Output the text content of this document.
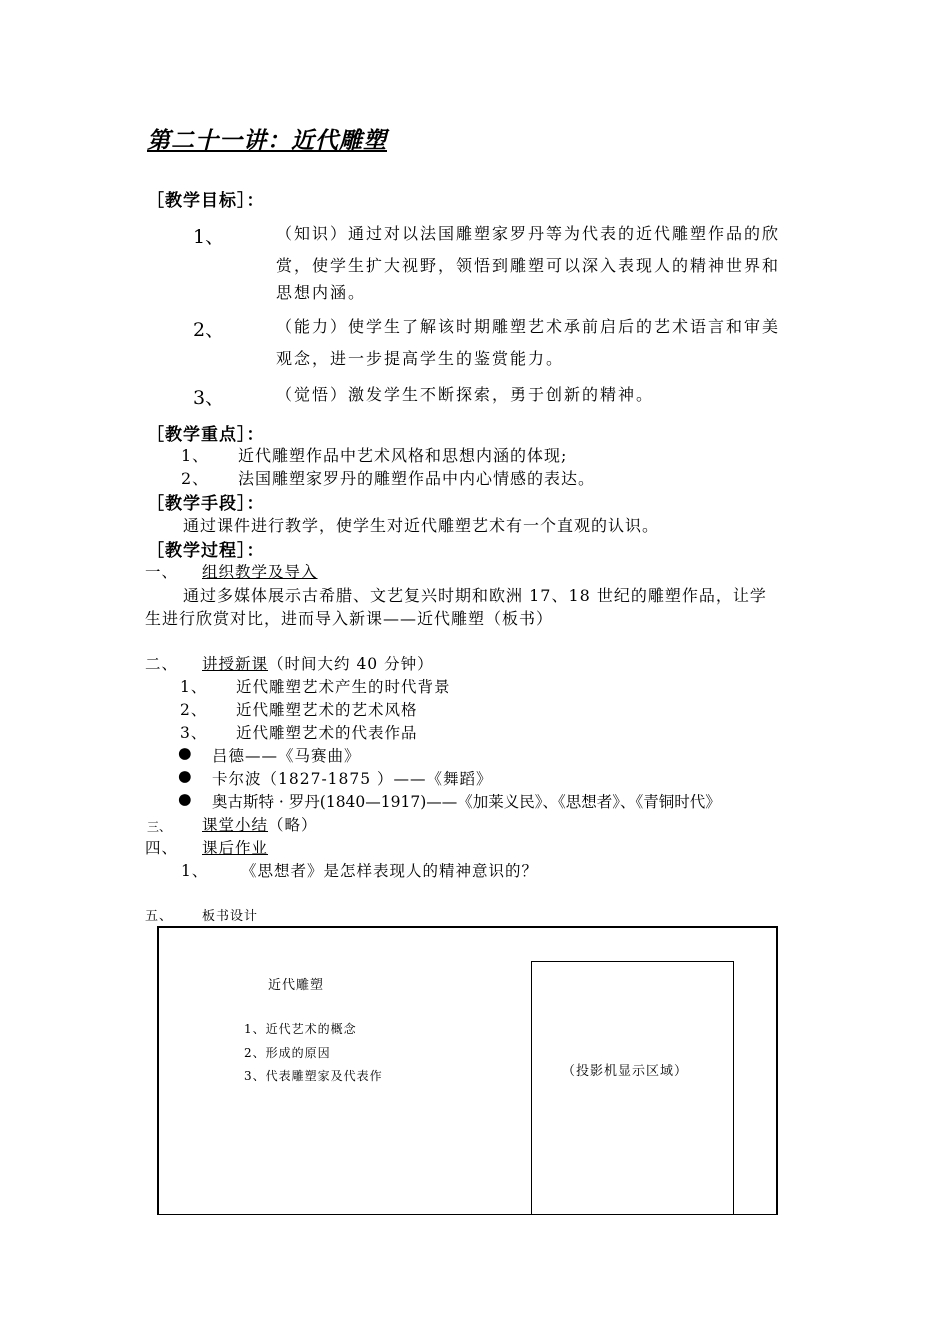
第二十一讲：近代雕塑
［教学目标］：
1、	（知识）通过对以法国雕塑家罗丹等为代表的近代雕塑作品的欣
赏，使学生扩大视野，领悟到雕塑可以深入表现人的精神世界和
思想内涵。
2、	（能力）使学生了解该时期雕塑艺术承前启后的艺术语言和审美
观念，进一步提高学生的鉴赏能力。
3、	（觉悟）激发学生不断探索，勇于创新的精神。
［教学重点］：
1、 近代雕塑作品中艺术风格和思想内涵的体现;
2、 法国雕塑家罗丹的雕塑作品中内心情感的表达。
［教学手段］：
通过课件进行教学，使学生对近代雕塑艺术有一个直观的认识。
［教学过程］：
一、 组织教学及导入
通过多媒体展示古希腊、文艺复兴时期和欧洲 17、18 世纪的雕塑作品，让学
生进行欣赏对比，进而导入新课——近代雕塑（板书）
二、 讲授新课（时间大约 40 分钟）
1、 近代雕塑艺术产生的时代背景
2、 近代雕塑艺术的艺术风格
3、 近代雕塑艺术的代表作品
● 吕德——《马赛曲》
● 卡尔波（1827-1875 ）——《舞蹈》
● 奥古斯特 · 罗丹(1840—1917)——《加莱义民》、《思想者》、《青铜时代》
三、 课堂小结（略）
四、 课后作业
1、 《思想者》是怎样表现人的精神意识的？
五、 板书设计
近代雕塑
1、近代艺术的概念
2、形成的原因
3、代表雕塑家及代表作	（投影机显示区域）
